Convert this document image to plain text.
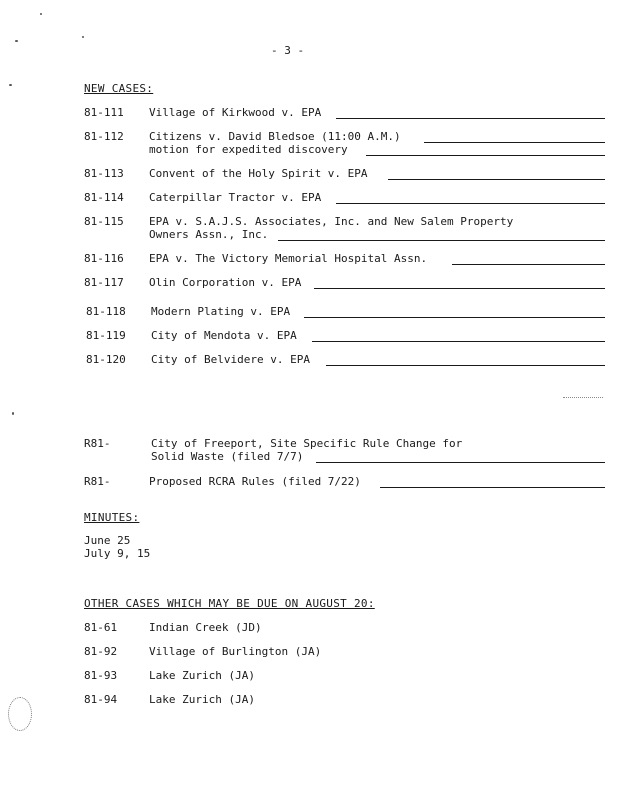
- 3 -
NEW CASES:
81-111 Village of Kirkwood v. EPA
81-112 Citizens v. David Bledsoe (11:00 A.M.)
motion for expedited discovery
81-113 Convent of the Holy Spirit v. EPA
81-114 Caterpillar Tractor v. EPA
81-115 EPA v. S.A.J.S. Associates, Inc. and New Salem Property
Owners Assn., Inc.
81-116 EPA v. The Victory Memorial Hospital Assn.
81-117 Olin Corporation v. EPA
81-118 Modern Plating v. EPA
81-119 City of Mendota v. EPA
81-120 City of Belvidere v. EPA
R81-	City of Freeport, Site Specific Rule Change for
Solid Waste (filed 7/7)
R81-	Proposed RCRA Rules (filed 7/22)
MINUTES:
June 25
July 9, 15
OTHER CASES WHICH MAY BE DUE ON AUGUST 20:
81-61	Indian Creek (JD)
81-92	Village of Burlington (JA)
81-93	Lake Zurich (JA)
81-94	Lake Zurich (JA)
